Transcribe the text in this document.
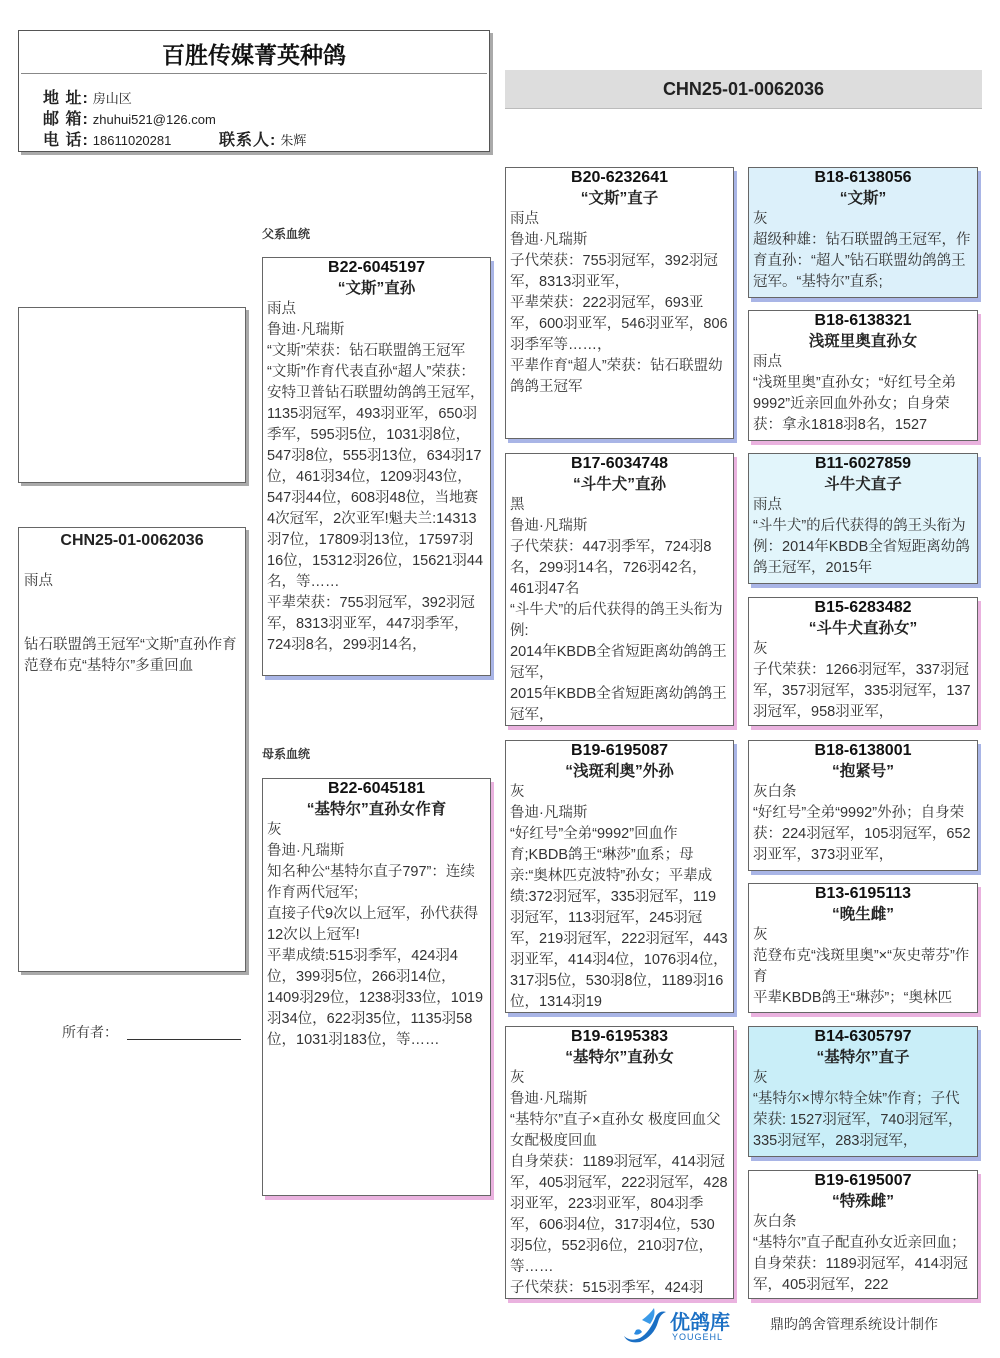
百胜传媒菁英种鸽
地 址: 房山区
邮 箱: zhuhui521@126.com
电 话: 18611020281	联系人: 朱辉
CHN25-01-0062036
CHN25-01-0062036
雨点
钻石联盟鸽王冠军“文斯”直孙作育
范登布克“基特尔”多重回血
父系血统
母系血统
所有者：
B22-6045197
“文斯”直孙
雨点
鲁迪·凡瑞斯
“文斯”荣获：钻石联盟鸽王冠军
“文斯”作育代表直孙“超人”荣获：安特卫普钻石联盟幼鸽鸽王冠军，1135羽冠军，493羽亚军，650羽季军，595羽5位，1031羽8位，547羽8位，555羽13位，634羽17位，461羽34位，1209羽43位，547羽44位，608羽48位，当地赛4次冠军，2次亚军!魁夫兰:14313羽7位，17809羽13位，17597羽16位，15312羽26位，15621羽44名，等……
平辈荣获：755羽冠军，392羽冠军，8313羽亚军，447羽季军，724羽8名，299羽14名，
B22-6045181
“基特尔”直孙女作育
灰
鲁迪·凡瑞斯
知名种公“基特尔直子797”：连续作育两代冠军;
直接子代9次以上冠军，孙代获得12次以上冠军!
平辈成绩:515羽季军，424羽4位，399羽5位，266羽14位，1409羽29位，1238羽33位，1019羽34位，622羽35位，1135羽58位，1031羽183位，等……
B20-6232641
“文斯”直子
雨点
鲁迪·凡瑞斯
子代荣获：755羽冠军，392羽冠军，8313羽亚军，
平辈荣获：222羽冠军，693亚军，600羽亚军，546羽亚军，806羽季军等……，
平辈作育“超人”荣获：钻石联盟幼鸽鸽王冠军
B17-6034748
“斗牛犬”直孙
黑
鲁迪·凡瑞斯
子代荣获：447羽季军，724羽8名，299羽14名，726羽42名，461羽47名
“斗牛犬”的后代获得的鸽王头衔为例:
2014年KBDB全省短距离幼鸽鸽王冠军，
2015年KBDB全省短距离幼鸽鸽王冠军，
B19-6195087
“浅斑利奥”外孙
灰
鲁迪·凡瑞斯
“好红号”全弟“9992”回血作育;KBDB鸽王“琳莎”血系；母亲:“奥林匹克波特”孙女；平辈成绩:372羽冠军，335羽冠军，119羽冠军，113羽冠军，245羽冠军，219羽冠军，222羽冠军，443羽亚军，414羽4位，1076羽4位，317羽5位，530羽8位，1189羽16位，1314羽19
B19-6195383
“基特尔”直孙女
灰
鲁迪·凡瑞斯
“基特尔”直子×直孙女 极度回血父女配极度回血
自身荣获：1189羽冠军，414羽冠军，405羽冠军，222羽冠军，428羽亚军，223羽亚军，804羽季军，606羽4位，317羽4位，530羽5位，552羽6位，210羽7位，等……
子代荣获：515羽季军，424羽
B18-6138056
“文斯”
灰
超级种雄：钻石联盟鸽王冠军，作育直孙：“超人”钻石联盟幼鸽鸽王冠军。“基特尔”直系;
B18-6138321
浅斑里奥直孙女
雨点
“浅斑里奥”直孙女；“好红号全弟9992”近亲回血外孙女；自身荣获：拿永1818羽8名，1527
B11-6027859
斗牛犬直子
雨点
“斗牛犬”的后代获得的鸽王头衔为例：2014年KBDB全省短距离幼鸽鸽王冠军，2015年
B15-6283482
“斗牛犬直孙女”
灰
子代荣获：1266羽冠军，337羽冠军，357羽冠军，335羽冠军，137羽冠军，958羽亚军，
B18-6138001
“抱紧号”
灰白条
“好红号”全弟“9992”外孙；自身荣获：224羽冠军，105羽冠军，652羽亚军，373羽亚军，
B13-6195113
“晚生雌”
灰
范登布克“浅斑里奥”×“灰史蒂芬”作育
平辈KBDB鸽王“琳莎”；“奥林匹
B14-6305797
“基特尔”直子
灰
“基特尔×博尔特全妹”作育；子代荣获: 1527羽冠军，740羽冠军，335羽冠军，283羽冠军，
B19-6195007
“特殊雌”
灰白条
“基特尔”直子配直孙女近亲回血；自身荣获：1189羽冠军，414羽冠军，405羽冠军，222
优鸽库
YOUGEHL
鼎昀鸽舍管理系统设计制作
